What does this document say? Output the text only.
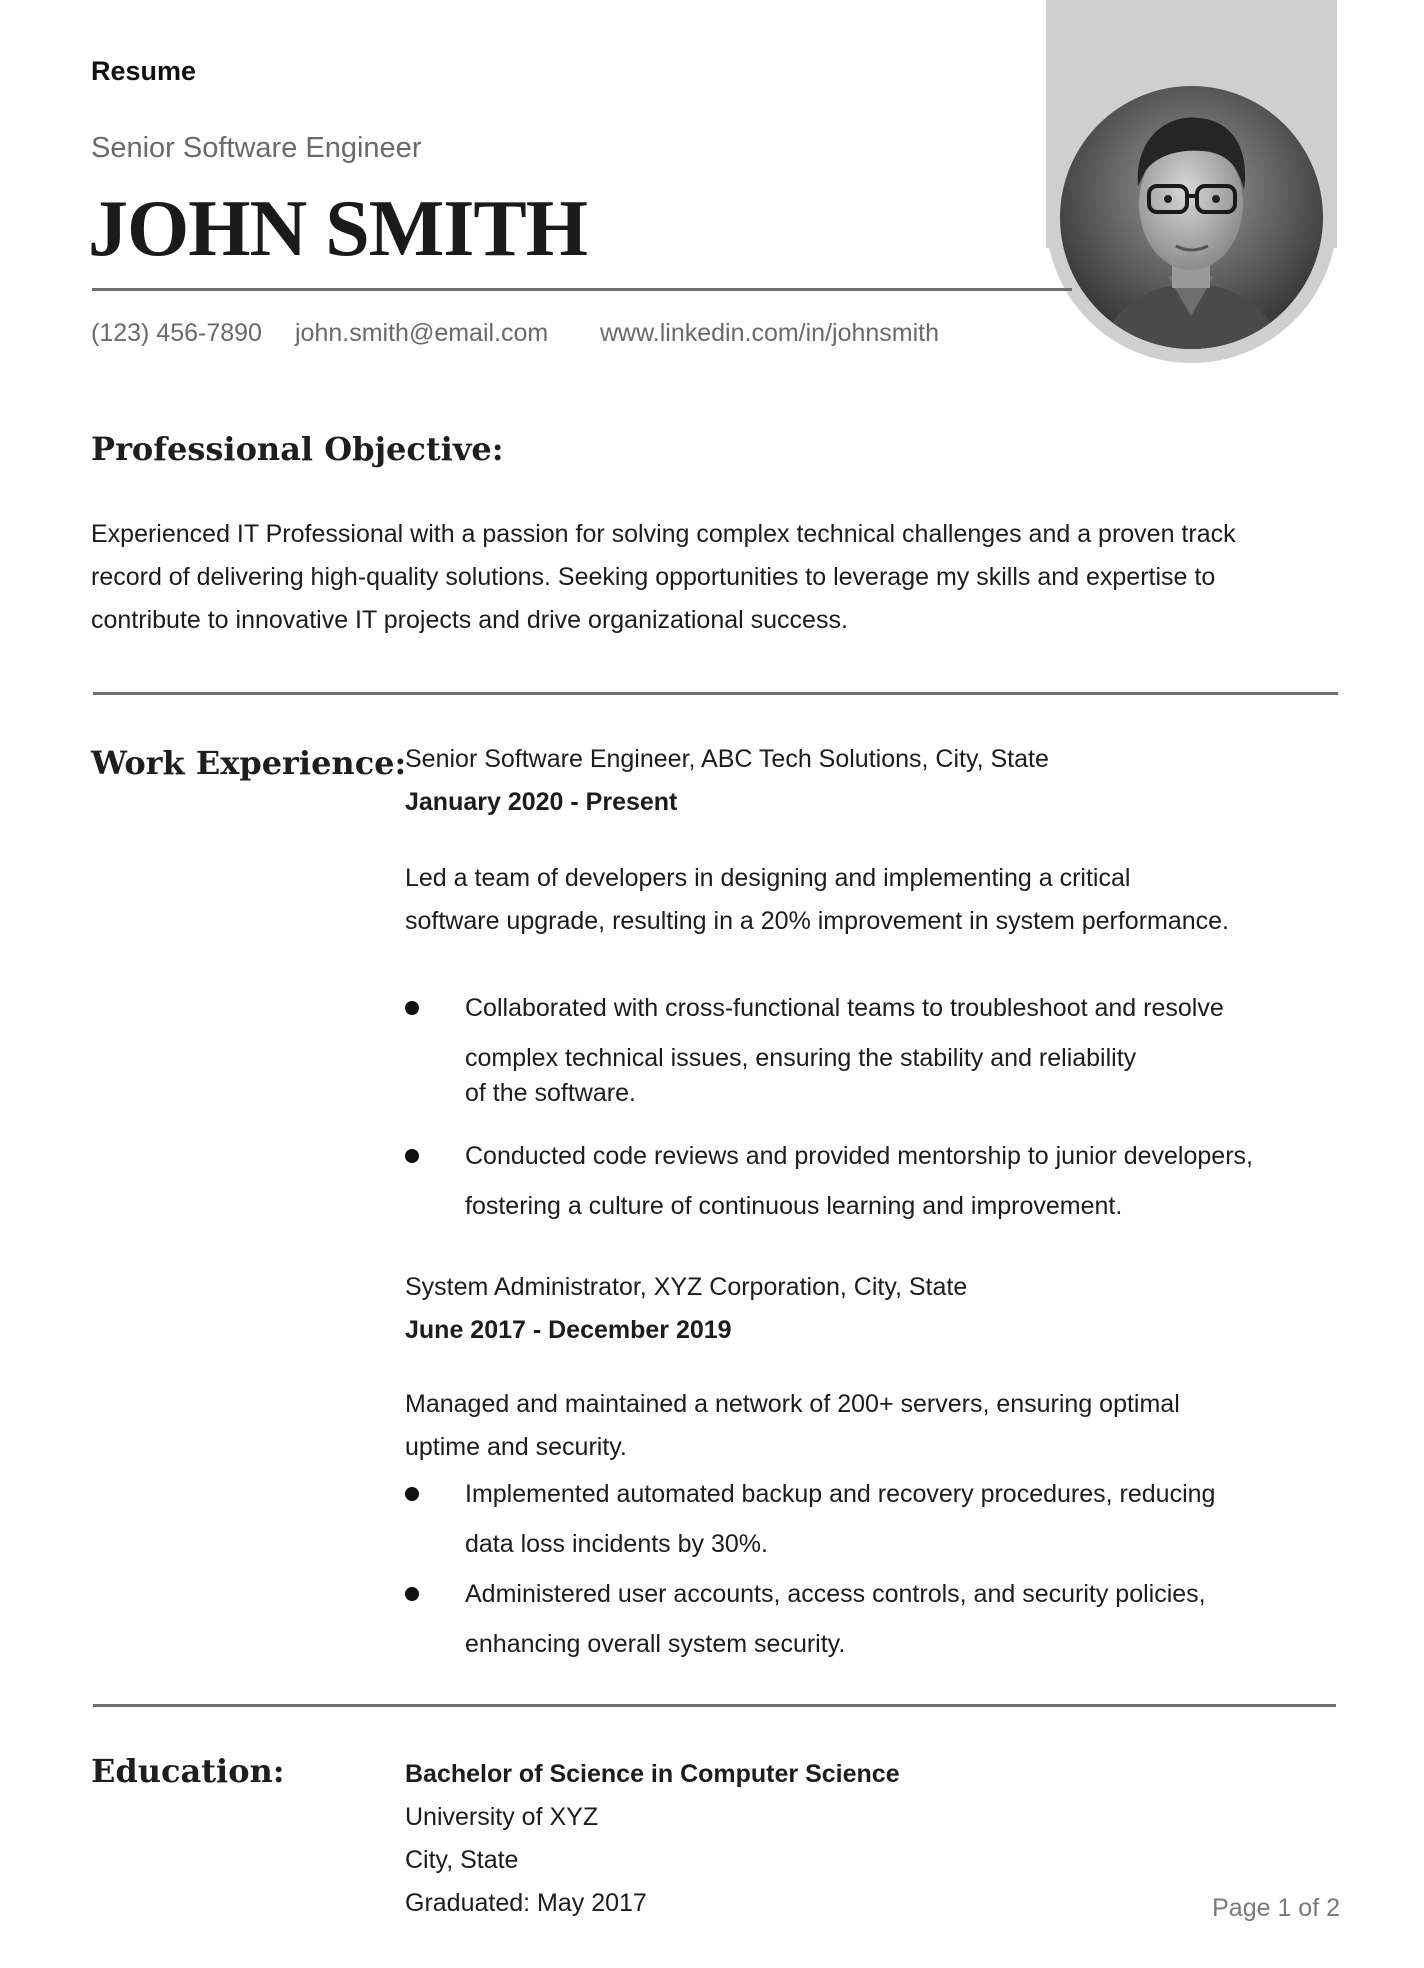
Resume
Senior Software Engineer
JOHN SMITH
(123) 456-7890 john.smith@email.com www.linkedin.com/in/johnsmith
Professional Objective:
Experienced IT Professional with a passion for solving complex technical challenges and a proven track
record of delivering high-quality solutions. Seeking opportunities to leverage my skills and expertise to
contribute to innovative IT projects and drive organizational success.
Work Experience:
Senior Software Engineer, ABC Tech Solutions, City, State
January 2020 - Present
Led a team of developers in designing and implementing a critical
software upgrade, resulting in a 20% improvement in system performance.
Collaborated with cross-functional teams to troubleshoot and resolve
complex technical issues, ensuring the stability and reliability
of the software.
Conducted code reviews and provided mentorship to junior developers,
fostering a culture of continuous learning and improvement.
System Administrator, XYZ Corporation, City, State
June 2017 - December 2019
Managed and maintained a network of 200+ servers, ensuring optimal
uptime and security.
Implemented automated backup and recovery procedures, reducing
data loss incidents by 30%.
Administered user accounts, access controls, and security policies,
enhancing overall system security.
Education:	Bachelor of Science in Computer Science
University of XYZ
City, State
Graduated: May 2017	Page 1 of 2
